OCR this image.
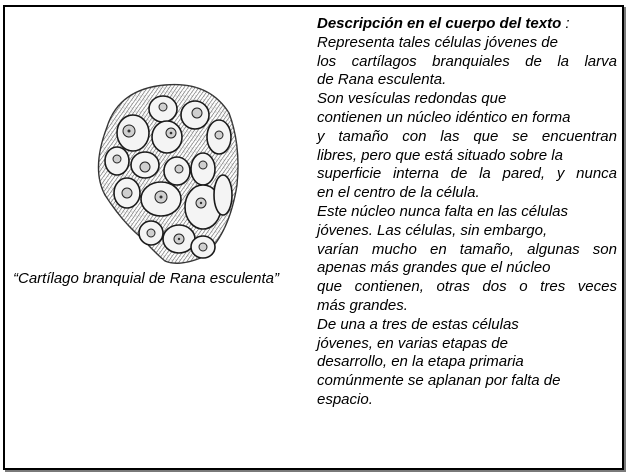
“Cartílago branquial de Rana esculenta”
Descripción en el cuerpo del texto :
Representa tales células jóvenes de
los cartílagos branquiales de la larva
de Rana esculenta.
Son vesículas redondas que
contienen un núcleo idéntico en forma
y tamaño con las que se encuentran
libres, pero que está situado sobre la
superficie interna de la pared, y nunca
en el centro de la célula.
Este núcleo nunca falta en las células
jóvenes. Las células, sin embargo,
varían mucho en tamaño, algunas son
apenas más grandes que el núcleo
que contienen, otras dos o tres veces
más grandes.
De una a tres de estas células
jóvenes, en varias etapas de
desarrollo, en la etapa primaria
comúnmente se aplanan por falta de
espacio.
